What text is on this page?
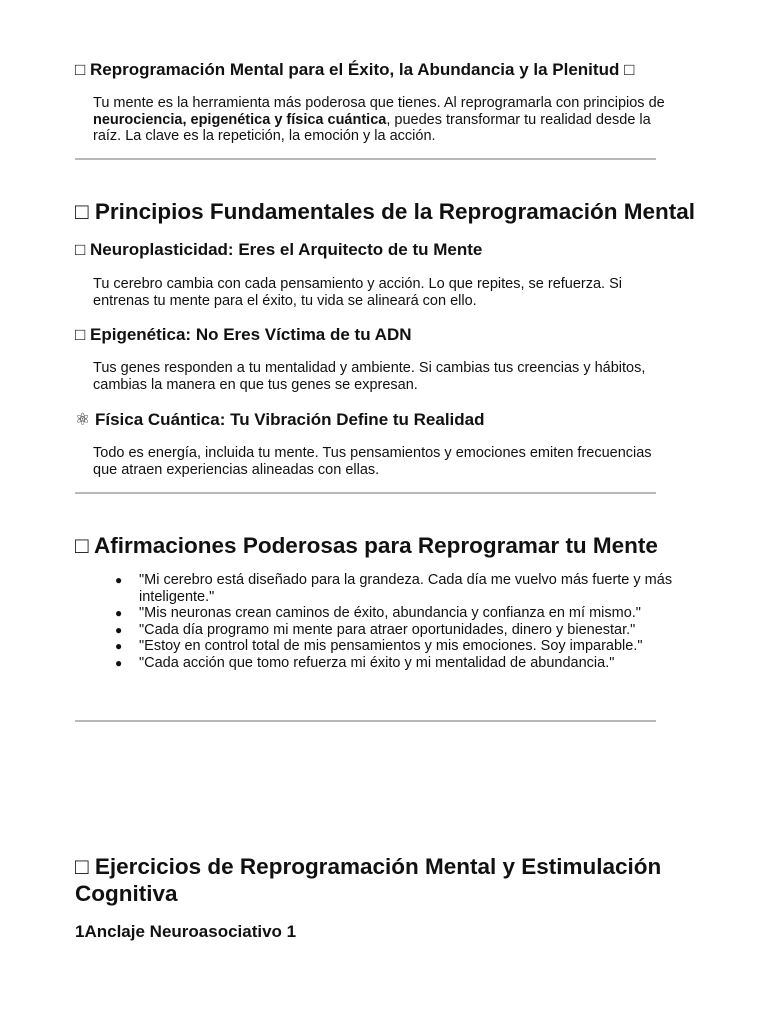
□ Reprogramación Mental para el Éxito, la Abundancia y la Plenitud □

Tu mente es la herramienta más poderosa que tienes. Al reprogramarla con principios de neurociencia, epigenética y física cuántica, puedes transformar tu realidad desde la raíz. La clave es la repetición, la emoción y la acción.

□ Principios Fundamentales de la Reprogramación Mental
□ Neuroplasticidad: Eres el Arquitecto de tu Mente

Tu cerebro cambia con cada pensamiento y acción. Lo que repites, se refuerza. Si entrenas tu mente para el éxito, tu vida se alineará con ello.

□ Epigenética: No Eres Víctima de tu ADN

Tus genes responden a tu mentalidad y ambiente. Si cambias tus creencias y hábitos, cambias la manera en que tus genes se expresan.

⚛ Física Cuántica: Tu Vibración Define tu Realidad

Todo es energía, incluida tu mente. Tus pensamientos y emociones emiten frecuencias que atraen experiencias alineadas con ellas.

□ Afirmaciones Poderosas para Reprogramar tu Mente
● "Mi cerebro está diseñado para la grandeza. Cada día me vuelvo más fuerte y más inteligente."
● "Mis neuronas crean caminos de éxito, abundancia y confianza en mí mismo."
● "Cada día programo mi mente para atraer oportunidades, dinero y bienestar."
● "Estoy en control total de mis pensamientos y mis emociones. Soy imparable."
● "Cada acción que tomo refuerza mi éxito y mi mentalidad de abundancia."
□ Ejercicios de Reprogramación Mental y Estimulación Cognitiva
1Anclaje Neuroasociativo 1
